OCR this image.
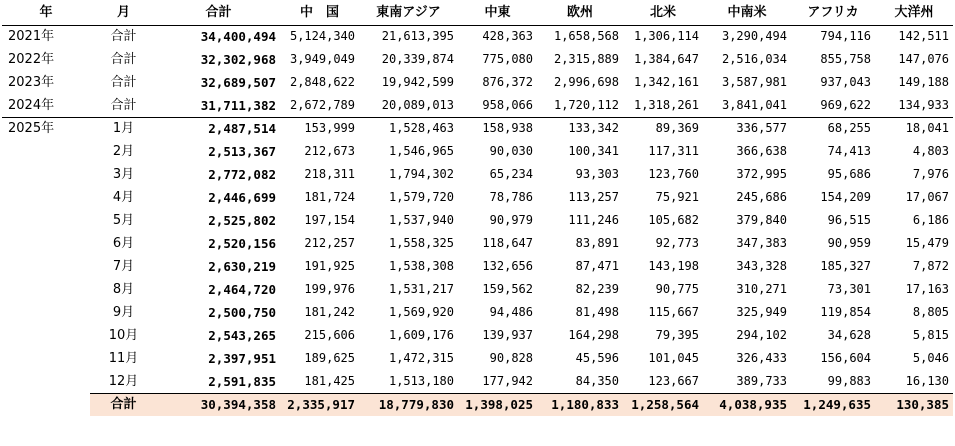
年	月	合計	中　国	東南アジア	中東	欧州	北米	中南米	アフリカ	大洋州
2021年	合計	34,400,494	5,124,340	21,613,395	428,363	1,658,568	1,306,114	3,290,494	794,116	142,511
2022年	合計	32,302,968	3,949,049	20,339,874	775,080	2,315,889	1,384,647	2,516,034	855,758	147,076
2023年	合計	32,689,507	2,848,622	19,942,599	876,372	2,996,698	1,342,161	3,587,981	937,043	149,188
2024年	合計	31,711,382	2,672,789	20,089,013	958,066	1,720,112	1,318,261	3,841,041	969,622	134,933
2025年	1月	2,487,514	153,999	1,528,463	158,938	133,342	89,369	336,577	68,255	18,041
	2月	2,513,367	212,673	1,546,965	90,030	100,341	117,311	366,638	74,413	4,803
	3月	2,772,082	218,311	1,794,302	65,234	93,303	123,760	372,995	95,686	7,976
	4月	2,446,699	181,724	1,579,720	78,786	113,257	75,921	245,686	154,209	17,067
	5月	2,525,802	197,154	1,537,940	90,979	111,246	105,682	379,840	96,515	6,186
	6月	2,520,156	212,257	1,558,325	118,647	83,891	92,773	347,383	90,959	15,479
	7月	2,630,219	191,925	1,538,308	132,656	87,471	143,198	343,328	185,327	7,872
	8月	2,464,720	199,976	1,531,217	159,562	82,239	90,775	310,271	73,301	17,163
	9月	2,500,750	181,242	1,569,920	94,486	81,498	115,667	325,949	119,854	8,805
	10月	2,543,265	215,606	1,609,176	139,937	164,298	79,395	294,102	34,628	5,815
	11月	2,397,951	189,625	1,472,315	90,828	45,596	101,045	326,433	156,604	5,046
	12月	2,591,835	181,425	1,513,180	177,942	84,350	123,667	389,733	99,883	16,130
	合計	30,394,358	2,335,917	18,779,830	1,398,025	1,180,833	1,258,564	4,038,935	1,249,635	130,385
